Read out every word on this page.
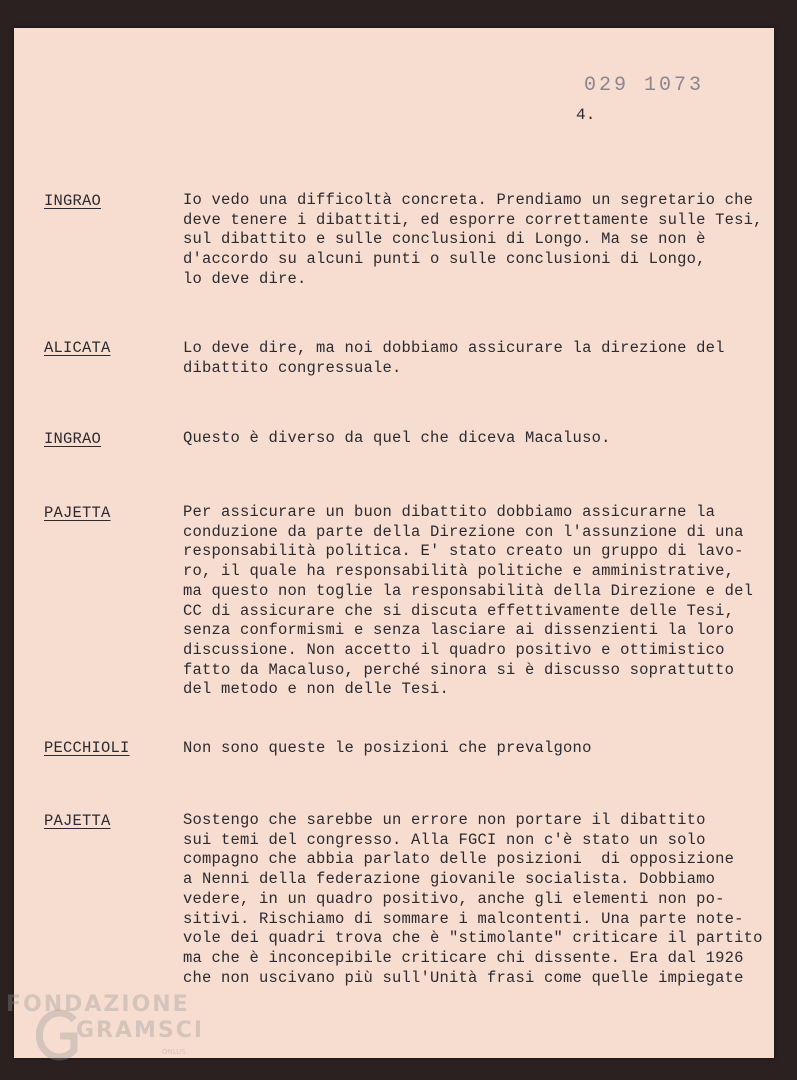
029 1073
4.
INGRAO	Io vedo una difficoltà concreta. Prendiamo un segretario che
deve tenere i dibattiti, ed esporre correttamente sulle Tesi,
sul dibattito e sulle conclusioni di Longo. Ma se non è
d'accordo su alcuni punti o sulle conclusioni di Longo,
lo deve dire.
ALICATA	Lo deve dire, ma noi dobbiamo assicurare la direzione del
dibattito congressuale.
INGRAO	Questo è diverso da quel che diceva Macaluso.
PAJETTA	Per assicurare un buon dibattito dobbiamo assicurarne la
conduzione da parte della Direzione con l'assunzione di una
responsabilità politica. E' stato creato un gruppo di lavo-
ro, il quale ha responsabilità politiche e amministrative,
ma questo non toglie la responsabilità della Direzione e del
CC di assicurare che si discuta effettivamente delle Tesi,
senza conformismi e senza lasciare ai dissenzienti la loro
discussione. Non accetto il quadro positivo e ottimistico
fatto da Macaluso, perché sinora si è discusso soprattutto
del metodo e non delle Tesi.
PECCHIOLI	Non sono queste le posizioni che prevalgono
PAJETTA	Sostengo che sarebbe un errore non portare il dibattito
sui temi del congresso. Alla FGCI non c'è stato un solo
compagno che abbia parlato delle posizioni  di opposizione
a Nenni della federazione giovanile socialista. Dobbiamo
vedere, in un quadro positivo, anche gli elementi non po-
sitivi. Rischiamo di sommare i malcontenti. Una parte note-
vole dei quadri trova che è "stimolante" criticare il partito
ma che è inconcepibile criticare chi dissente. Era dal 1926
che non uscivano più sull'Unità frasi come quelle impiegate
FONDAZIONE
GRAMSCI
ONLUS
